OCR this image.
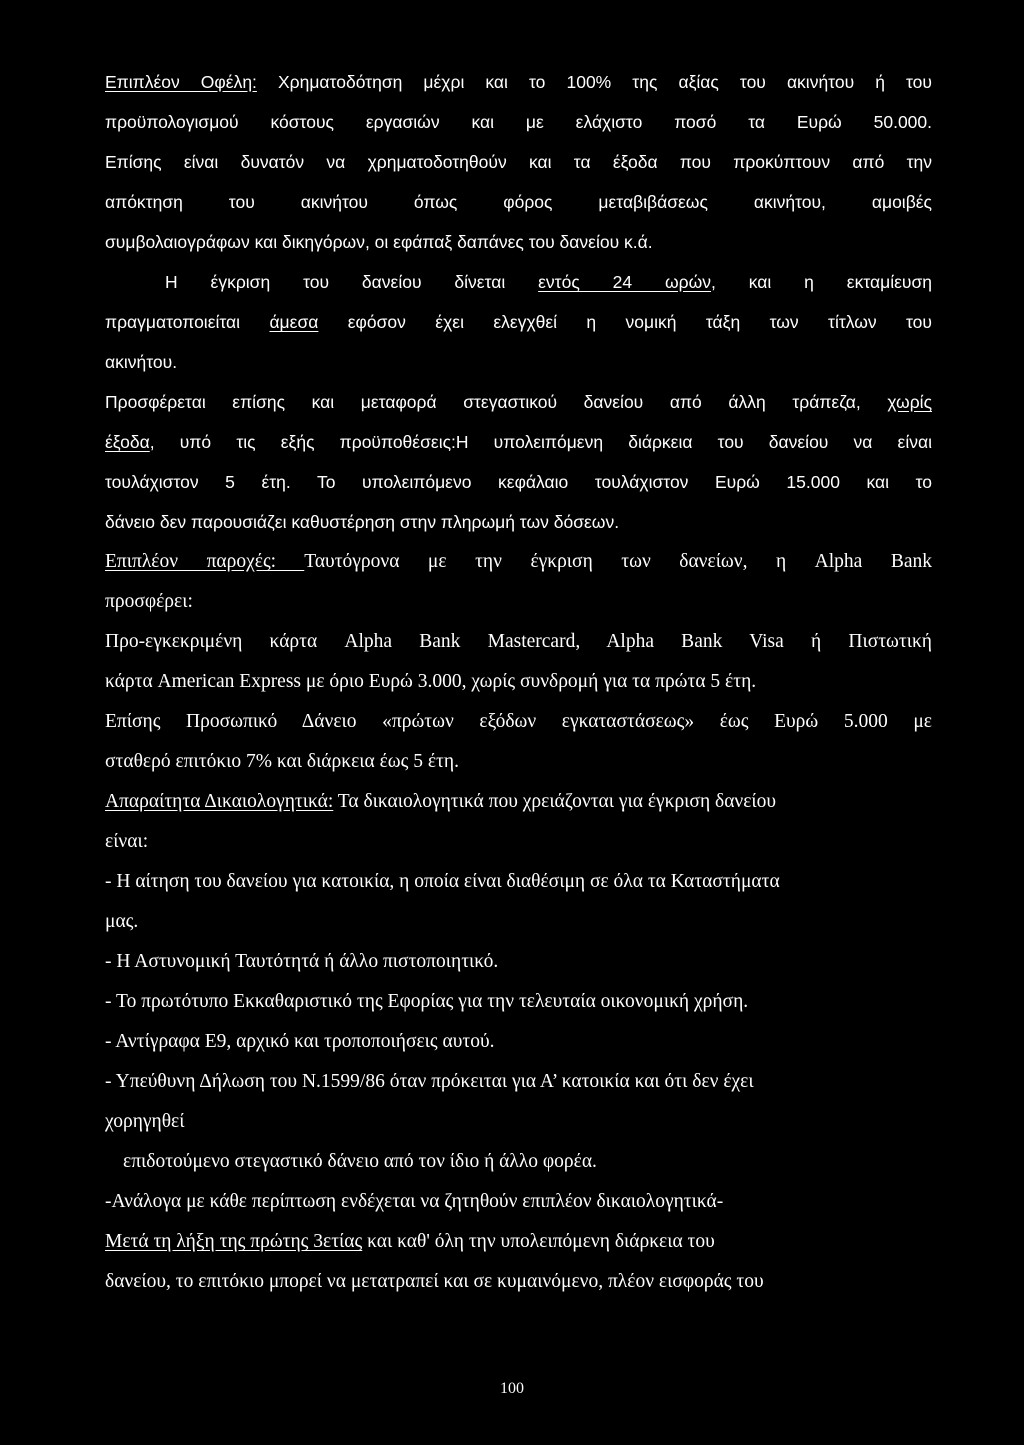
Επιπλέον Οφέλη: Χρηματοδότηση μέχρι και το 100% της αξίας του ακινήτου ή του
προϋπολογισμού κόστους εργασιών και με ελάχιστο ποσό τα Ευρώ 50.000.
Επίσης είναι δυνατόν να χρηματοδοτηθούν και τα έξοδα που προκύπτουν από την
απόκτηση του ακινήτου όπως φόρος μεταβιβάσεως ακινήτου, αμοιβές
συμβολαιογράφων και δικηγόρων, οι εφάπαξ δαπάνες του δανείου κ.ά.
Η έγκριση του δανείου δίνεται εντός 24 ωρών, και η εκταμίευση
πραγματοποιείται άμεσα εφόσον έχει ελεγχθεί η νομική τάξη των τίτλων του
ακινήτου.
Προσφέρεται επίσης και μεταφορά στεγαστικού δανείου από άλλη τράπεζα, χωρίς
έξοδα, υπό τις εξής προϋποθέσεις:Η υπολειπόμενη διάρκεια του δανείου να είναι
τουλάχιστον 5 έτη. Το υπολειπόμενο κεφάλαιο τουλάχιστον Ευρώ 15.000 και το
δάνειο δεν παρουσιάζει καθυστέρηση στην πληρωμή των δόσεων.
Επιπλέον παροχές: Ταυτόγρονα με την έγκριση των δανείων, η Alpha Bank
προσφέρει:
Προ-εγκεκριμένη κάρτα Alpha Bank Mastercard, Alpha Bank Visa ή Πιστωτική
κάρτα American Express με όριο Ευρώ 3.000, χωρίς συνδρομή για τα πρώτα 5 έτη.
Επίσης Προσωπικό Δάνειο «πρώτων εξόδων εγκαταστάσεως» έως Ευρώ 5.000 με
σταθερό επιτόκιο 7% και διάρκεια έως 5 έτη.
Απαραίτητα Δικαιολογητικά: Τα δικαιολογητικά που χρειάζονται για έγκριση δανείου
είναι:
- Η αίτηση του δανείου για κατοικία, η οποία είναι διαθέσιμη σε όλα τα Καταστήματα
μας.
- Η Αστυνομική Ταυτότητά ή άλλο πιστοποιητικό.
- Το πρωτότυπο Εκκαθαριστικό της Εφορίας για την τελευταία οικονομική χρήση.
- Αντίγραφα Ε9, αρχικό και τροποποιήσεις αυτού.
- Υπεύθυνη Δήλωση του Ν.1599/86 όταν πρόκειται για Α’ κατοικία και ότι δεν έχει
χορηγηθεί
επιδοτούμενο στεγαστικό δάνειο από τον ίδιο ή άλλο φορέα.
-Ανάλογα με κάθε περίπτωση ενδέχεται να ζητηθούν επιπλέον δικαιολογητικά-
Μετά τη λήξη της πρώτης 3ετίας και καθ' όλη την υπολειπόμενη διάρκεια του
δανείου, το επιτόκιο μπορεί να μετατραπεί και σε κυμαινόμενο, πλέον εισφοράς του
100
